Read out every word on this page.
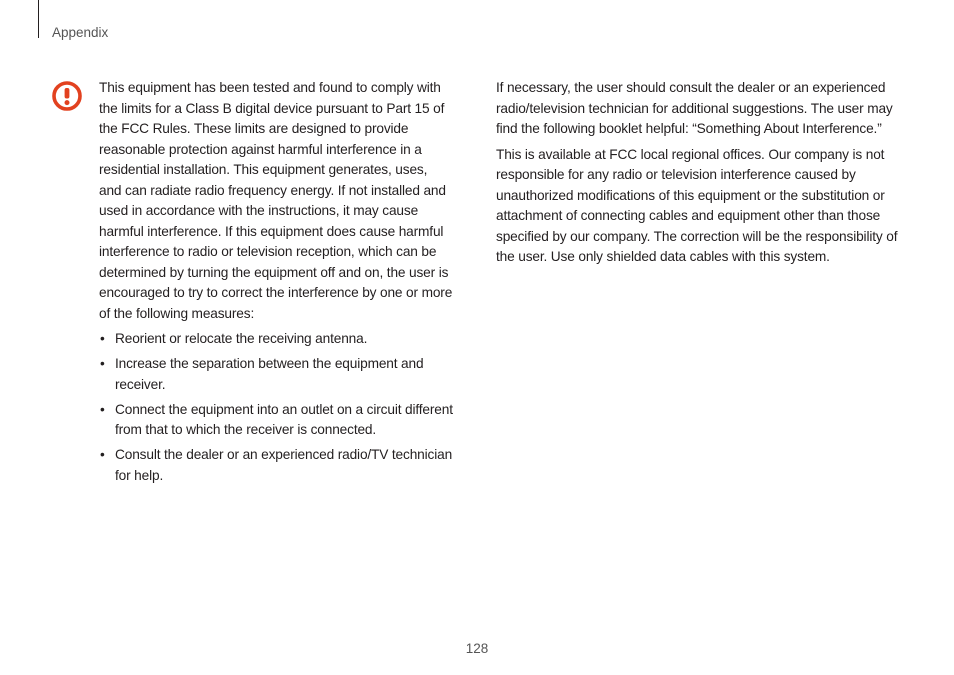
Appendix

This equipment has been tested and found to comply with the limits for a Class B digital device pursuant to Part 15 of the FCC Rules. These limits are designed to provide reasonable protection against harmful interference in a residential installation. This equipment generates, uses, and can radiate radio frequency energy. If not installed and used in accordance with the instructions, it may cause harmful interference. If this equipment does cause harmful interference to radio or television reception, which can be determined by turning the equipment off and on, the user is encouraged to try to correct the interference by one or more of the following measures:

• Reorient or relocate the receiving antenna.
• Increase the separation between the equipment and receiver.
• Connect the equipment into an outlet on a circuit different from that to which the receiver is connected.
• Consult the dealer or an experienced radio/TV technician for help.

If necessary, the user should consult the dealer or an experienced radio/television technician for additional suggestions. The user may find the following booklet helpful: “Something About Interference.”

This is available at FCC local regional offices. Our company is not responsible for any radio or television interference caused by unauthorized modifications of this equipment or the substitution or attachment of connecting cables and equipment other than those specified by our company. The correction will be the responsibility of the user. Use only shielded data cables with this system.

128
